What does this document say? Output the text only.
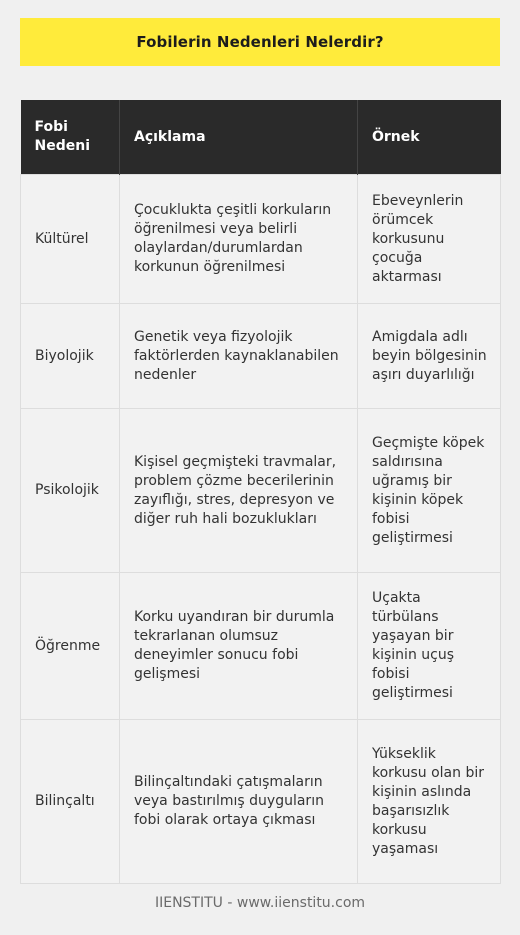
Fobilerin Nedenleri Nelerdir?
Fobi Nedeni	Açıklama	Örnek
Kültürel	Çocuklukta çeşitli korkuların öğrenilmesi veya belirli olaylardan/durumlardan korkunun öğrenilmesi	Ebeveynlerin örümcek korkusunu çocuğa aktarması
Biyolojik	Genetik veya fizyolojik faktörlerden kaynaklanabilen nedenler	Amigdala adlı beyin bölgesinin aşırı duyarlılığı
Psikolojik	Kişisel geçmişteki travmalar, problem çözme becerilerinin zayıflığı, stres, depresyon ve diğer ruh hali bozuklukları	Geçmişte köpek saldırısına uğramış bir kişinin köpek fobisi geliştirmesi
Öğrenme	Korku uyandıran bir durumla tekrarlanan olumsuz deneyimler sonucu fobi gelişmesi	Uçakta türbülans yaşayan bir kişinin uçuş fobisi geliştirmesi
Bilinçaltı	Bilinçaltındaki çatışmaların veya bastırılmış duyguların fobi olarak ortaya çıkması	Yükseklik korkusu olan bir kişinin aslında başarısızlık korkusu yaşaması
IIENSTITU - www.iienstitu.com
